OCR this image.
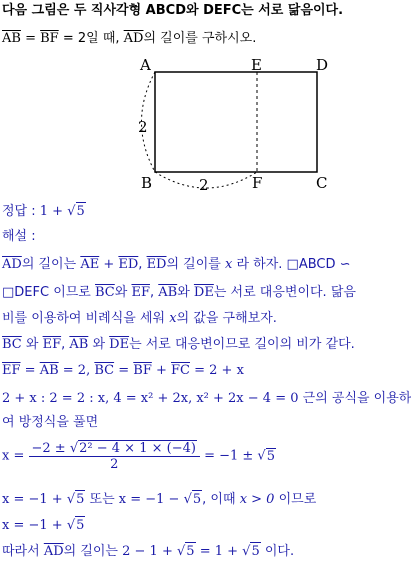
다음 그림은 두 직사각형 ABCD와 DEFC는 서로 닮음이다.
$\overline{AB} = \overline{BF} = 2$일 때, $\overline{AD}$의 길이를 구하시오.
A	E	D
2
B	2	F	C
정답 : 1 + √5
해설 :
$\overline{AD}$의 길이는 $\overline{AE} + \overline{ED}$, $\overline{ED}$의 길이를 x 라 하자. □ABCD ∽
□DEFC 이므로 $\overline{BC}$와 $\overline{EF}$, $\overline{AB}$와 $\overline{DE}$는 서로 대응변이다. 닮음
비를 이용하여 비례식을 세워 x의 값을 구해보자.
$\overline{BC}$ 와 $\overline{EF}$, $\overline{AB}$ 와 $\overline{DE}$는 서로 대응변이므로 길이의 비가 같다.
$\overline{EF} = \overline{AB} = 2$, $\overline{BC} = \overline{BF} + \overline{FC} = 2 + x$
2 + x : 2 = 2 : x, 4 = x² + 2x, x² + 2x − 4 = 0 근의 공식을 이용하
여 방정식을 풀면
$x = \frac{\text{−2 ± √2² − 4 × 1 × (−4)}}{2} = -1 \pm √5$
x = −1 + √5 또는 x = −1 − √5, 이때 x > 0 이므로
x = −1 + √5
따라서 $\overline{AD}$의 길이는 2 − 1 + √5 = 1 + √5 이다.
